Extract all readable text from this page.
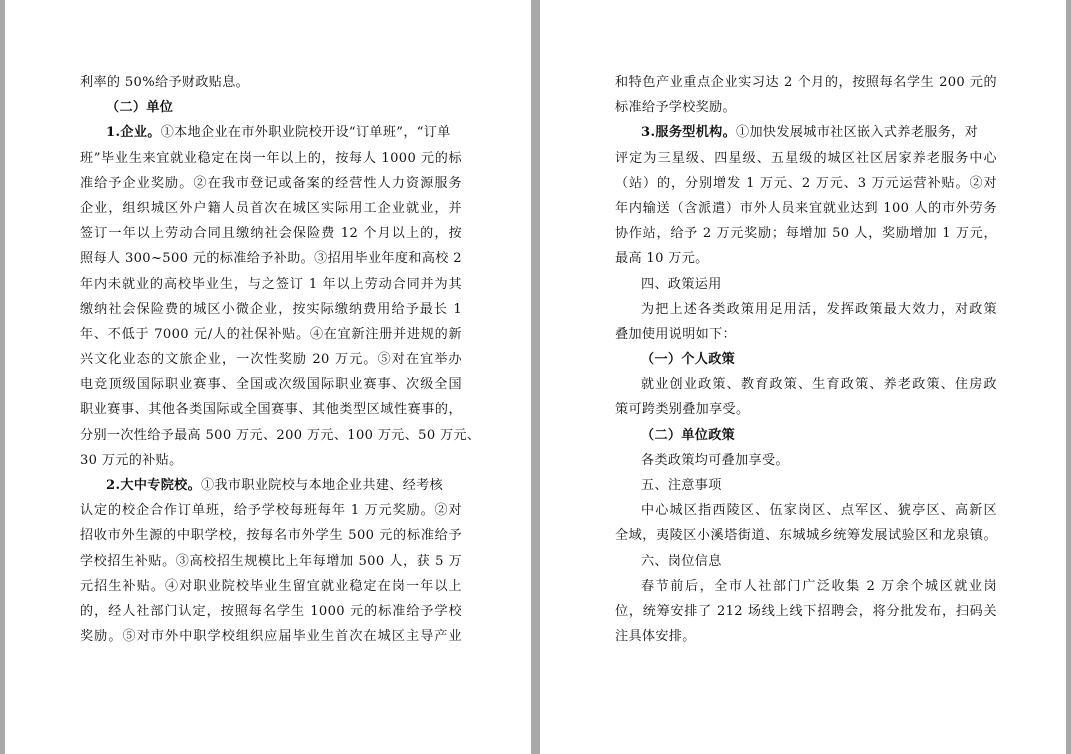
利率的 50%给予财政贴息。
（二）单位
1.企业。①本地企业在市外职业院校开设“订单班”，“订单
班”毕业生来宜就业稳定在岗一年以上的，按每人 1000 元的标
准给予企业奖励。②在我市登记或备案的经营性人力资源服务
企业，组织城区外户籍人员首次在城区实际用工企业就业，并
签订一年以上劳动合同且缴纳社会保险费 12 个月以上的，按
照每人 300~500 元的标准给予补助。③招用毕业年度和高校 2
年内未就业的高校毕业生，与之签订 1 年以上劳动合同并为其
缴纳社会保险费的城区小微企业，按实际缴纳费用给予最长 1
年、不低于 7000 元/人的社保补贴。④在宜新注册并进规的新
兴文化业态的文旅企业，一次性奖励 20 万元。⑤对在宜举办
电竞顶级国际职业赛事、全国或次级国际职业赛事、次级全国
职业赛事、其他各类国际或全国赛事、其他类型区域性赛事的，
分别一次性给予最高 500 万元、200 万元、100 万元、50 万元、
30 万元的补贴。
2.大中专院校。①我市职业院校与本地企业共建、经考核
认定的校企合作订单班，给予学校每班每年 1 万元奖励。②对
招收市外生源的中职学校，按每名市外学生 500 元的标准给予
学校招生补贴。③高校招生规模比上年每增加 500 人，获 5 万
元招生补贴。④对职业院校毕业生留宜就业稳定在岗一年以上
的，经人社部门认定，按照每名学生 1000 元的标准给予学校
奖励。⑤对市外中职学校组织应届毕业生首次在城区主导产业
和特色产业重点企业实习达 2 个月的，按照每名学生 200 元的
标准给予学校奖励。
3.服务型机构。①加快发展城市社区嵌入式养老服务，对
评定为三星级、四星级、五星级的城区社区居家养老服务中心
（站）的，分别增发 1 万元、2 万元、3 万元运营补贴。②对
年内输送（含派遣）市外人员来宜就业达到 100 人的市外劳务
协作站，给予 2 万元奖励；每增加 50 人，奖励增加 1 万元，
最高 10 万元。
四、政策运用
为把上述各类政策用足用活，发挥政策最大效力，对政策
叠加使用说明如下：
（一）个人政策
就业创业政策、教育政策、生育政策、养老政策、住房政
策可跨类别叠加享受。
（二）单位政策
各类政策均可叠加享受。
五、注意事项
中心城区指西陵区、伍家岗区、点军区、猇亭区、高新区
全域，夷陵区小溪塔街道、东城城乡统筹发展试验区和龙泉镇。
六、岗位信息
春节前后，全市人社部门广泛收集 2 万余个城区就业岗
位，统筹安排了 212 场线上线下招聘会，将分批发布，扫码关
注具体安排。
